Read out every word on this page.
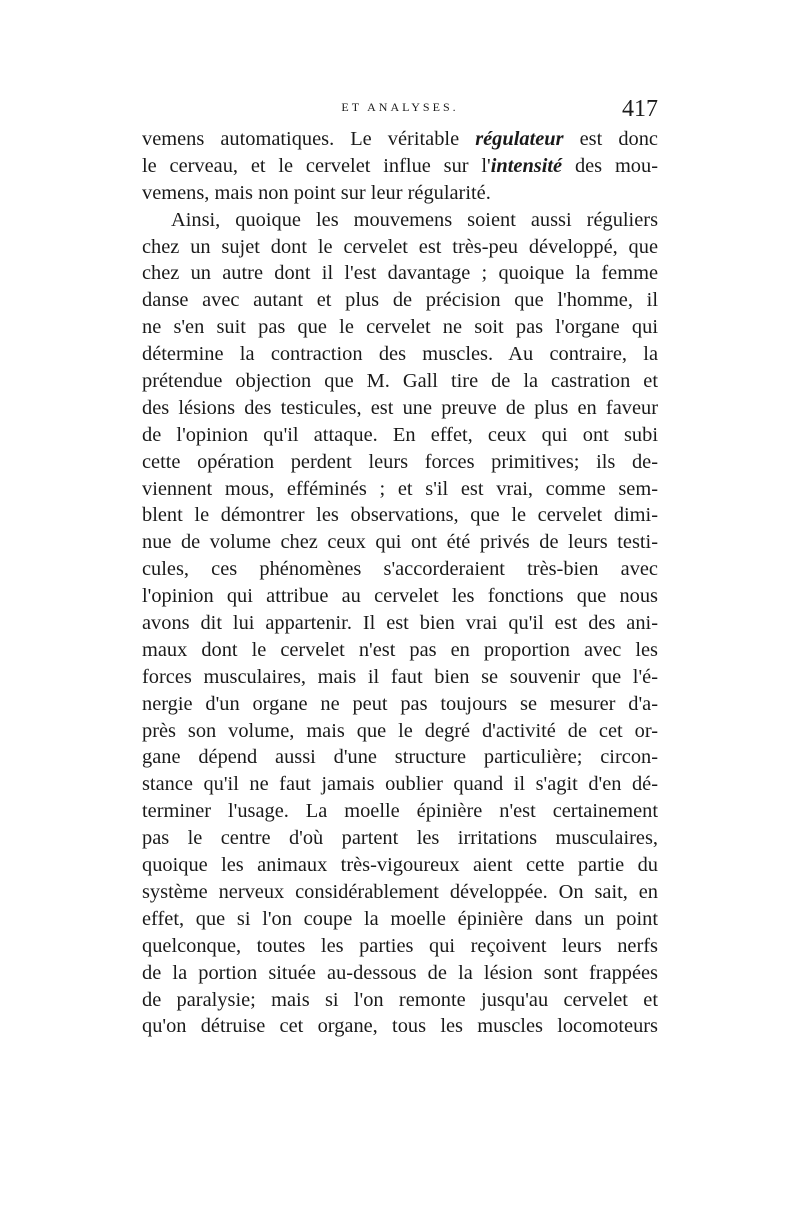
ET ANALYSES.	417
vemens automatiques. Le véritable régulateur est donc
le cerveau, et le cervelet influe sur l'intensité des mou-
vemens, mais non point sur leur régularité.
Ainsi, quoique les mouvemens soient aussi réguliers
chez un sujet dont le cervelet est très-peu développé, que
chez un autre dont il l'est davantage ; quoique la femme
danse avec autant et plus de précision que l'homme, il
ne s'en suit pas que le cervelet ne soit pas l'organe qui
détermine la contraction des muscles. Au contraire, la
prétendue objection que M. Gall tire de la castration et
des lésions des testicules, est une preuve de plus en faveur
de l'opinion qu'il attaque. En effet, ceux qui ont subi
cette opération perdent leurs forces primitives; ils de-
viennent mous, efféminés ; et s'il est vrai, comme sem-
blent le démontrer les observations, que le cervelet dimi-
nue de volume chez ceux qui ont été privés de leurs testi-
cules, ces phénomènes s'accorderaient très-bien avec
l'opinion qui attribue au cervelet les fonctions que nous
avons dit lui appartenir. Il est bien vrai qu'il est des ani-
maux dont le cervelet n'est pas en proportion avec les
forces musculaires, mais il faut bien se souvenir que l'é-
nergie d'un organe ne peut pas toujours se mesurer d'a-
près son volume, mais que le degré d'activité de cet or-
gane dépend aussi d'une structure particulière; circon-
stance qu'il ne faut jamais oublier quand il s'agit d'en dé-
terminer l'usage. La moelle épinière n'est certainement
pas le centre d'où partent les irritations musculaires,
quoique les animaux très-vigoureux aient cette partie du
système nerveux considérablement développée. On sait, en
effet, que si l'on coupe la moelle épinière dans un point
quelconque, toutes les parties qui reçoivent leurs nerfs
de la portion située au-dessous de la lésion sont frappées
de paralysie; mais si l'on remonte jusqu'au cervelet et
qu'on détruise cet organe, tous les muscles locomoteurs
